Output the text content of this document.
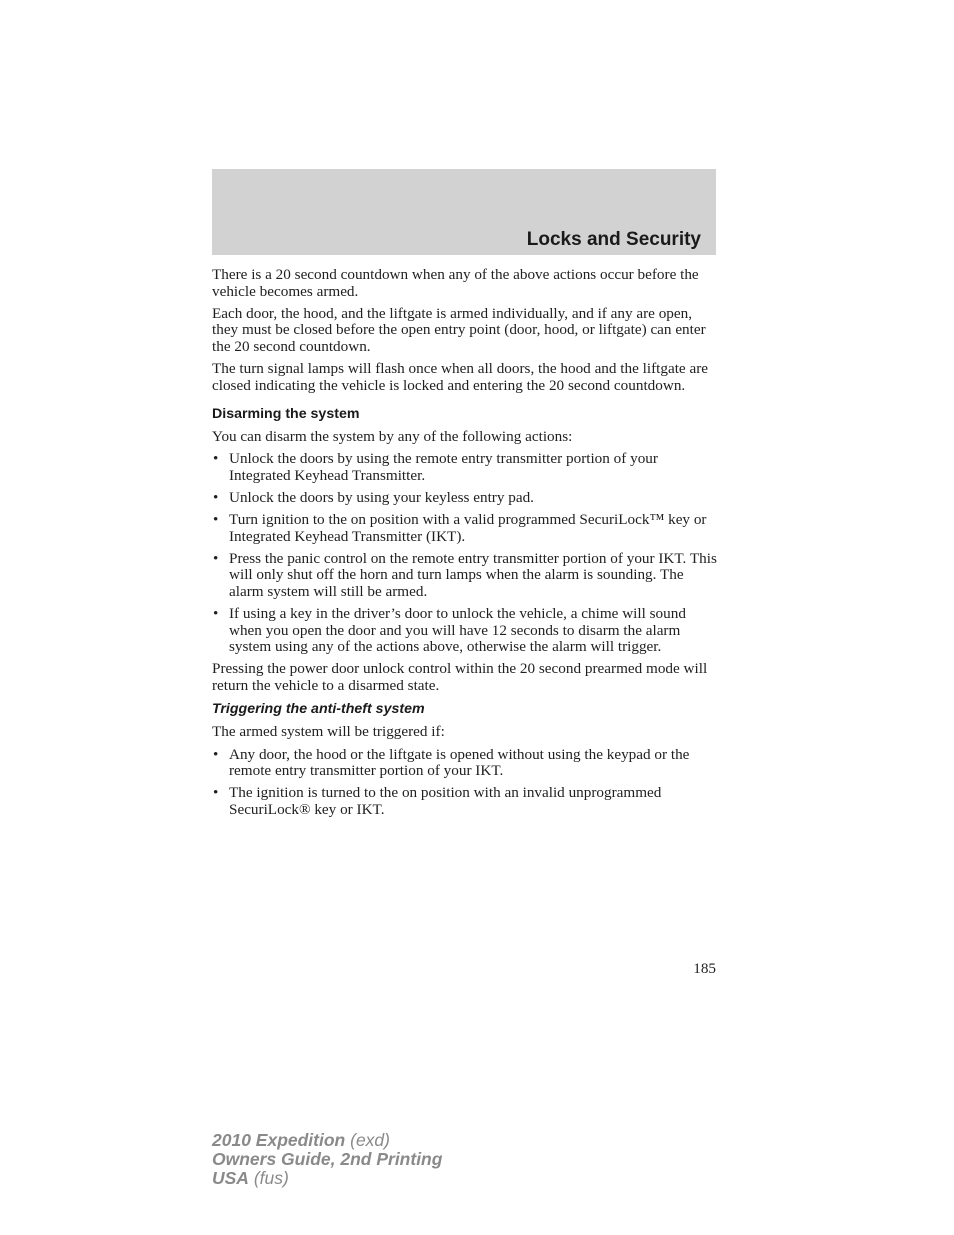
Locks and Security

There is a 20 second countdown when any of the above actions occur before the vehicle becomes armed.

Each door, the hood, and the liftgate is armed individually, and if any are open, they must be closed before the open entry point (door, hood, or liftgate) can enter the 20 second countdown.

The turn signal lamps will flash once when all doors, the hood and the liftgate are closed indicating the vehicle is locked and entering the 20 second countdown.

Disarming the system

You can disarm the system by any of the following actions:

• Unlock the doors by using the remote entry transmitter portion of your Integrated Keyhead Transmitter.
• Unlock the doors by using your keyless entry pad.
• Turn ignition to the on position with a valid programmed SecuriLock™ key or Integrated Keyhead Transmitter (IKT).
• Press the panic control on the remote entry transmitter portion of your IKT. This will only shut off the horn and turn lamps when the alarm is sounding. The alarm system will still be armed.
• If using a key in the driver’s door to unlock the vehicle, a chime will sound when you open the door and you will have 12 seconds to disarm the alarm system using any of the actions above, otherwise the alarm will trigger.

Pressing the power door unlock control within the 20 second prearmed mode will return the vehicle to a disarmed state.

Triggering the anti-theft system

The armed system will be triggered if:

• Any door, the hood or the liftgate is opened without using the keypad or the remote entry transmitter portion of your IKT.
• The ignition is turned to the on position with an invalid unprogrammed SecuriLock® key or IKT.
185
2010 Expedition (exd)
Owners Guide, 2nd Printing
USA (fus)
